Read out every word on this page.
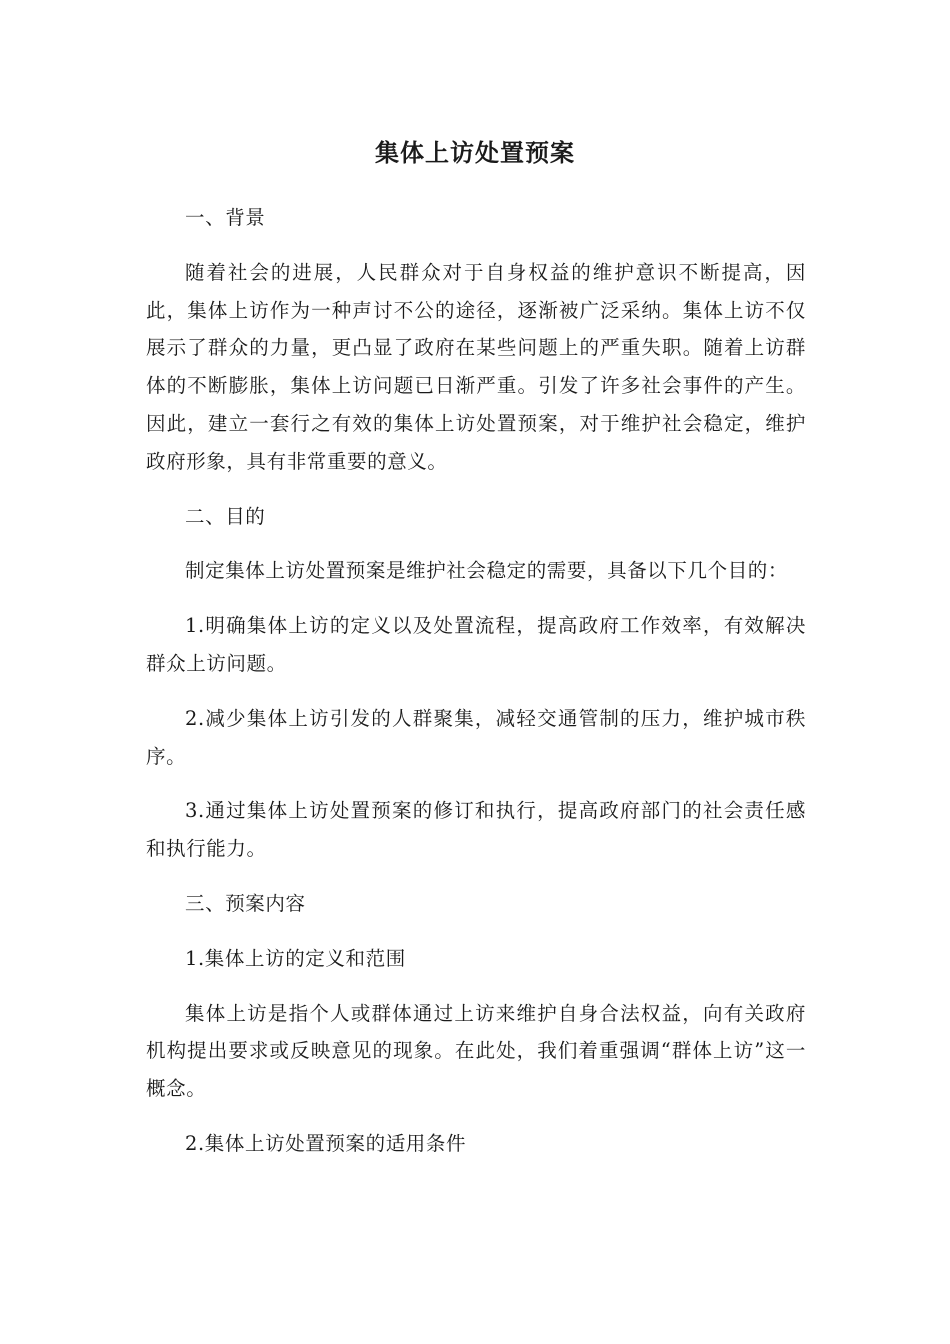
集体上访处置预案

一、背景

随着社会的进展，人民群众对于自身权益的维护意识不断提高，因此，集体上访作为一种声讨不公的途径，逐渐被广泛采纳。集体上访不仅展示了群众的力量，更凸显了政府在某些问题上的严重失职。随着上访群体的不断膨胀，集体上访问题已日渐严重。引发了许多社会事件的产生。因此，建立一套行之有效的集体上访处置预案，对于维护社会稳定，维护政府形象，具有非常重要的意义。

二、目的

制定集体上访处置预案是维护社会稳定的需要，具备以下几个目的：

1.明确集体上访的定义以及处置流程，提高政府工作效率，有效解决群众上访问题。

2.减少集体上访引发的人群聚集，减轻交通管制的压力，维护城市秩序。

3.通过集体上访处置预案的修订和执行，提高政府部门的社会责任感和执行能力。

三、预案内容

1.集体上访的定义和范围

集体上访是指个人或群体通过上访来维护自身合法权益，向有关政府机构提出要求或反映意见的现象。在此处，我们着重强调“群体上访”这一概念。

2.集体上访处置预案的适用条件
